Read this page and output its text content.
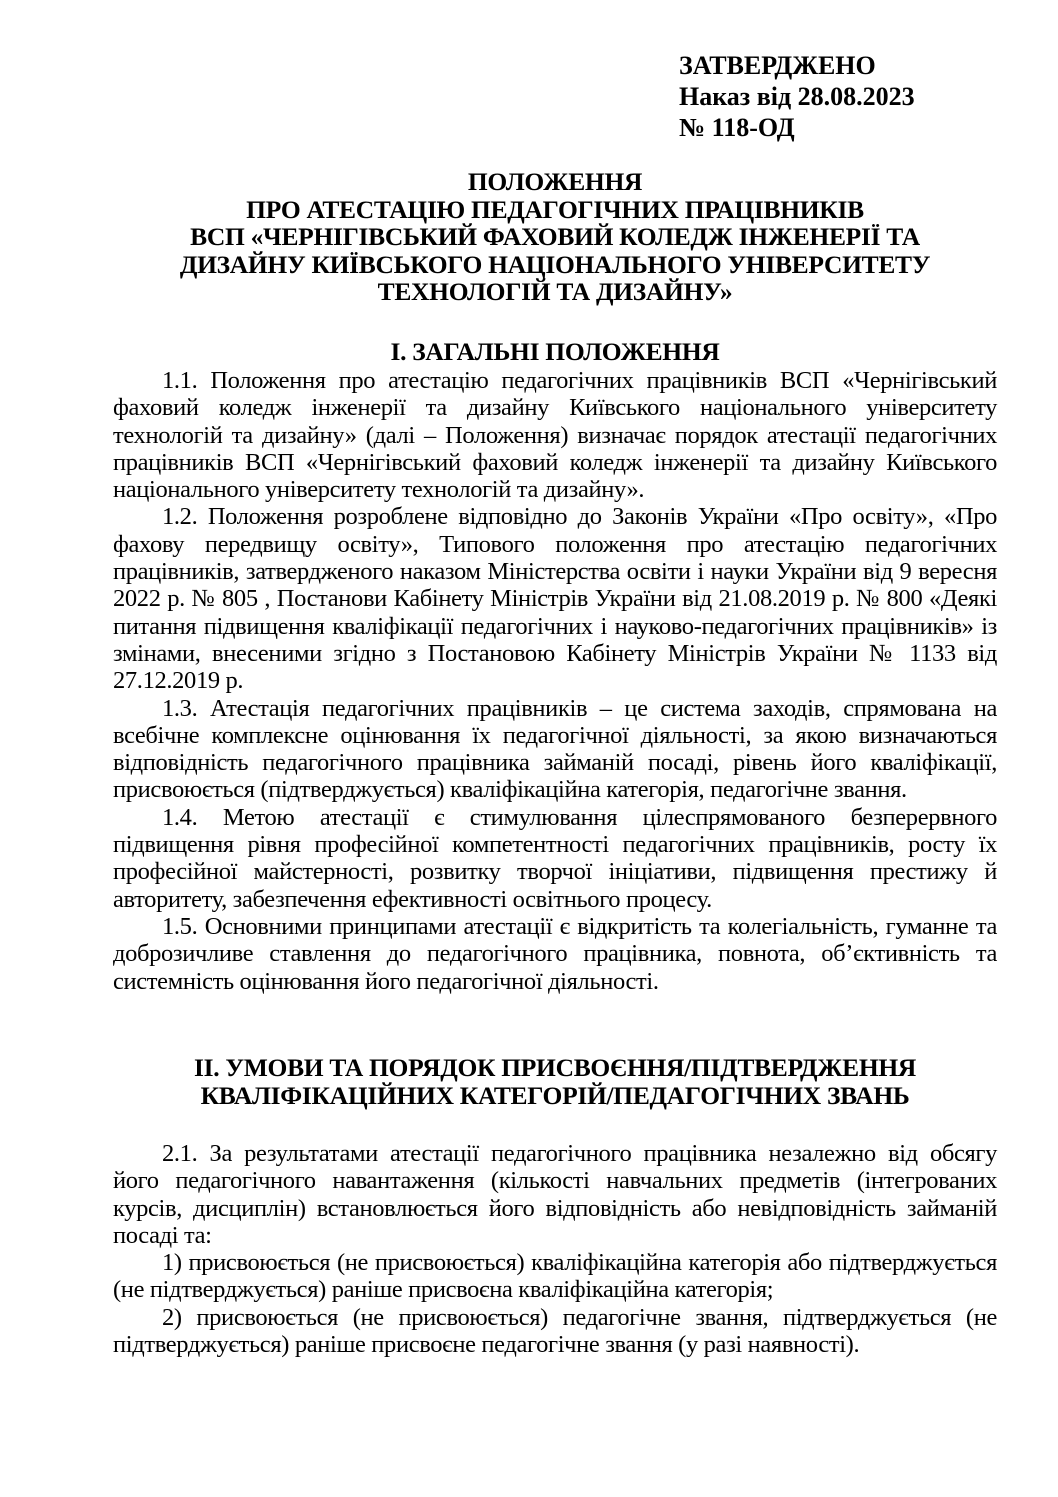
ЗАТВЕРДЖЕНО
Наказ від 28.08.2023
№ 118-ОД
ПОЛОЖЕННЯ
ПРО АТЕСТАЦІЮ ПЕДАГОГІЧНИХ ПРАЦІВНИКІВ
ВСП «ЧЕРНІГІВСЬКИЙ ФАХОВИЙ КОЛЕДЖ ІНЖЕНЕРІЇ ТА
ДИЗАЙНУ КИЇВСЬКОГО НАЦІОНАЛЬНОГО УНІВЕРСИТЕТУ
ТЕХНОЛОГІЙ ТА ДИЗАЙНУ»
І. ЗАГАЛЬНІ ПОЛОЖЕННЯ

1.1. Положення про атестацію педагогічних працівників ВСП «Чернігівський фаховий коледж інженерії та дизайну Київського національного університету технологій та дизайну» (далі – Положення) визначає порядок атестації педагогічних працівників ВСП «Чернігівський фаховий коледж інженерії та дизайну Київського національного університету технологій та дизайну».

1.2. Положення розроблене відповідно до Законів України «Про освіту», «Про фахову передвищу освіту», Типового положення про атестацію педагогічних працівників, затвердженого наказом Міністерства освіти і науки України від 9 вересня 2022 р. № 805 , Постанови Кабінету Міністрів України від 21.08.2019 р. № 800 «Деякі питання підвищення кваліфікації педагогічних і науково-педагогічних працівників» із змінами, внесеними згідно з Постановою Кабінету Міністрів України № 1133 від 27.12.2019 р.

1.3. Атестація педагогічних працівників – це система заходів, спрямована на всебічне комплексне оцінювання їх педагогічної діяльності, за якою визначаються відповідність педагогічного працівника займаній посаді, рівень його кваліфікації, присвоюється (підтверджується) кваліфікаційна категорія, педагогічне звання.

1.4. Метою атестації є стимулювання цілеспрямованого безперервного підвищення рівня професійної компетентності педагогічних працівників, росту їх професійної майстерності, розвитку творчої ініціативи, підвищення престижу й авторитету, забезпечення ефективності освітнього процесу.

1.5. Основними принципами атестації є відкритість та колегіальність, гуманне та доброзичливе ставлення до педагогічного працівника, повнота, об’єктивність та системність оцінювання його педагогічної діяльності.

ІІ. УМОВИ ТА ПОРЯДОК ПРИСВОЄННЯ/ПІДТВЕРДЖЕННЯ
КВАЛІФІКАЦІЙНИХ КАТЕГОРІЙ/ПЕДАГОГІЧНИХ ЗВАНЬ

2.1. За результатами атестації педагогічного працівника незалежно від обсягу його педагогічного навантаження (кількості навчальних предметів (інтегрованих курсів, дисциплін) встановлюється його відповідність або невідповідність займаній посаді та:

1) присвоюється (не присвоюється) кваліфікаційна категорія або підтверджується (не підтверджується) раніше присвоєна кваліфікаційна категорія;

2) присвоюється (не присвоюється) педагогічне звання, підтверджується (не підтверджується) раніше присвоєне педагогічне звання (у разі наявності).
